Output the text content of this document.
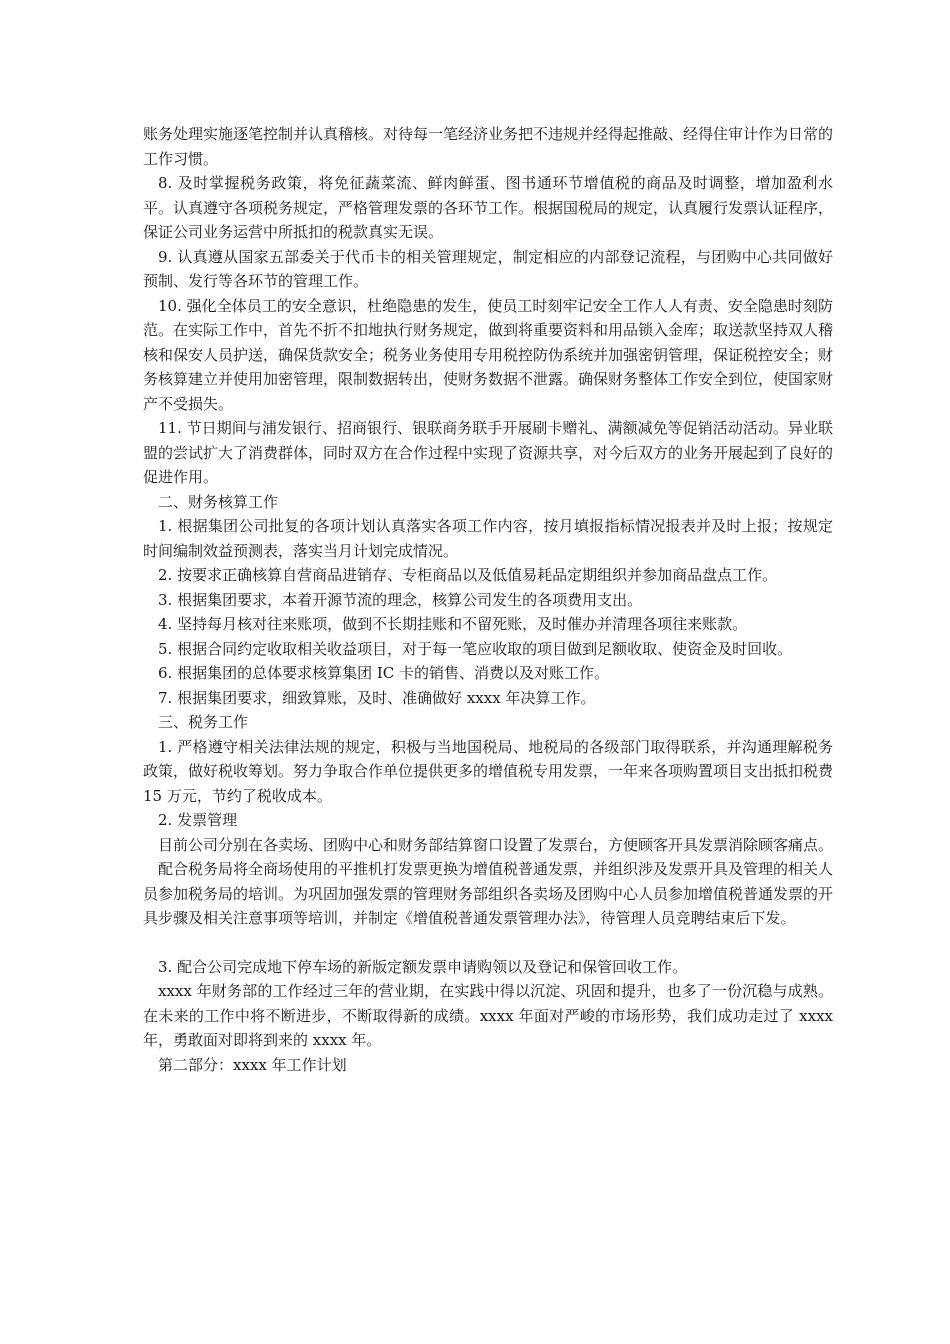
账务处理实施逐笔控制并认真稽核。对待每一笔经济业务把不违规并经得起推敲、经得住审计作为日常的工作习惯。

8. 及时掌握税务政策，将免征蔬菜流、鲜肉鲜蛋、图书通环节增值税的商品及时调整，增加盈利水平。认真遵守各项税务规定，严格管理发票的各环节工作。根据国税局的规定，认真履行发票认证程序，保证公司业务运营中所抵扣的税款真实无误。

9. 认真遵从国家五部委关于代币卡的相关管理规定，制定相应的内部登记流程，与团购中心共同做好预制、发行等各环节的管理工作。

10. 强化全体员工的安全意识，杜绝隐患的发生，使员工时刻牢记安全工作人人有责、安全隐患时刻防范。在实际工作中，首先不折不扣地执行财务规定，做到将重要资料和用品锁入金库；取送款坚持双人稽核和保安人员护送，确保货款安全；税务业务使用专用税控防伪系统并加强密钥管理，保证税控安全；财务核算建立并使用加密管理，限制数据转出，使财务数据不泄露。确保财务整体工作安全到位，使国家财产不受损失。

11. 节日期间与浦发银行、招商银行、银联商务联手开展刷卡赠礼、满额减免等促销活动活动。异业联盟的尝试扩大了消费群体，同时双方在合作过程中实现了资源共享，对今后双方的业务开展起到了良好的促进作用。

二、财务核算工作

1. 根据集团公司批复的各项计划认真落实各项工作内容，按月填报指标情况报表并及时上报；按规定时间编制效益预测表，落实当月计划完成情况。

2. 按要求正确核算自营商品进销存、专柜商品以及低值易耗品定期组织并参加商品盘点工作。

3. 根据集团要求，本着开源节流的理念，核算公司发生的各项费用支出。

4. 坚持每月核对往来账项，做到不长期挂账和不留死账，及时催办并清理各项往来账款。

5. 根据合同约定收取相关收益项目，对于每一笔应收取的项目做到足额收取、使资金及时回收。

6. 根据集团的总体要求核算集团 IC 卡的销售、消费以及对账工作。

7. 根据集团要求，细致算账，及时、准确做好 xxxx 年决算工作。

三、税务工作

1. 严格遵守相关法律法规的规定，积极与当地国税局、地税局的各级部门取得联系，并沟通理解税务政策，做好税收筹划。努力争取合作单位提供更多的增值税专用发票，一年来各项购置项目支出抵扣税费 15 万元，节约了税收成本。

2. 发票管理

目前公司分别在各卖场、团购中心和财务部结算窗口设置了发票台，方便顾客开具发票消除顾客痛点。

配合税务局将全商场使用的平推机打发票更换为增值税普通发票，并组织涉及发票开具及管理的相关人员参加税务局的培训。为巩固加强发票的管理财务部组织各卖场及团购中心人员参加增值税普通发票的开具步骤及相关注意事项等培训，并制定《增值税普通发票管理办法》，待管理人员竞聘结束后下发。

3. 配合公司完成地下停车场的新版定额发票申请购领以及登记和保管回收工作。

xxxx 年财务部的工作经过三年的营业期，在实践中得以沉淀、巩固和提升，也多了一份沉稳与成熟。在未来的工作中将不断进步，不断取得新的成绩。xxxx 年面对严峻的市场形势，我们成功走过了 xxxx 年，勇敢面对即将到来的 xxxx 年。

第二部分：xxxx 年工作计划
